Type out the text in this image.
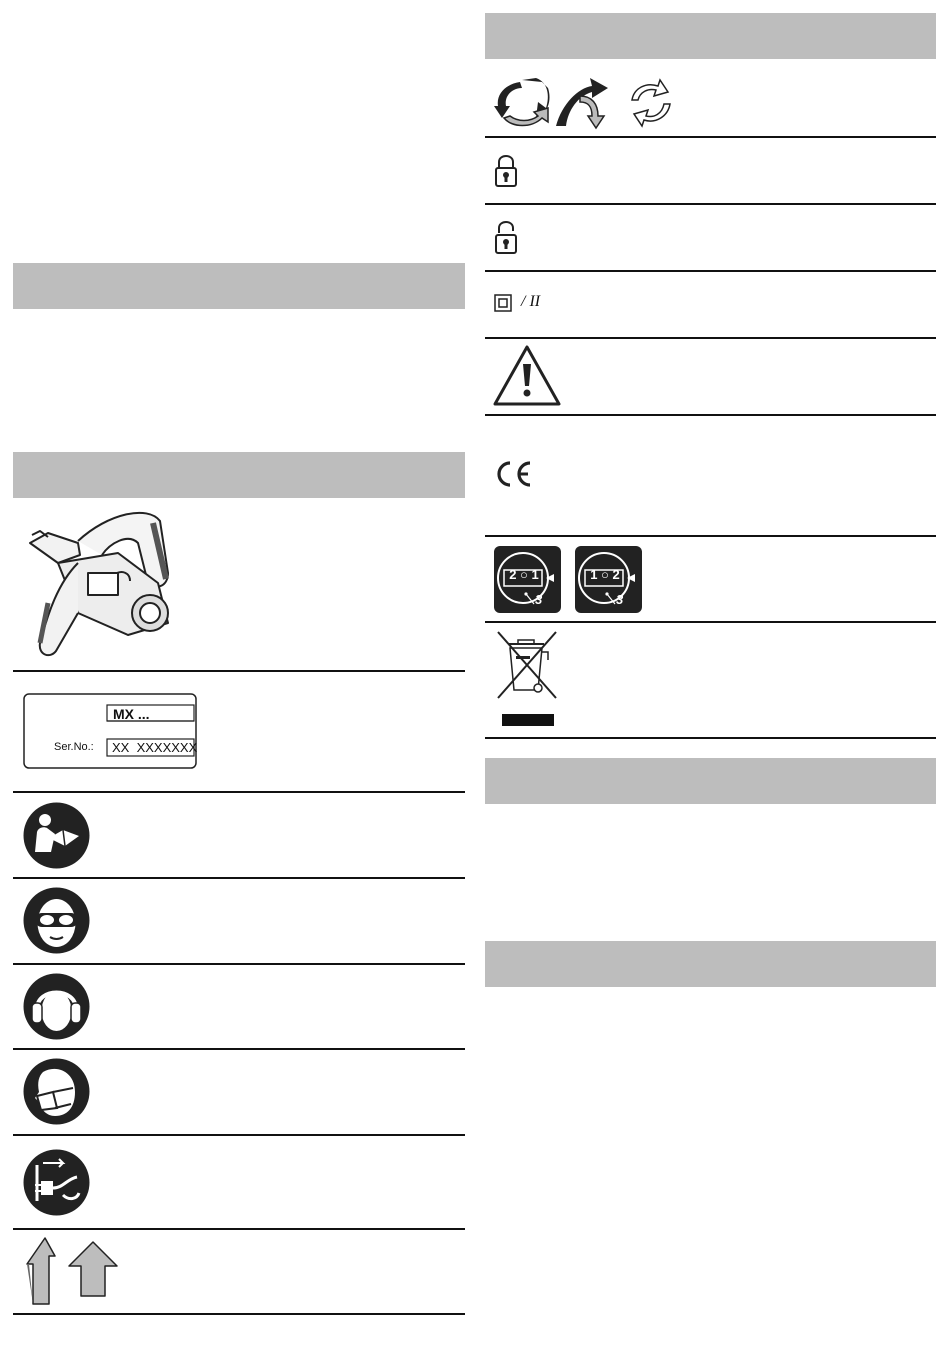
MX ...
Ser.No.: XX  XXXXXXX
/ II
2 ○ 1
3
1 ○ 2
3
